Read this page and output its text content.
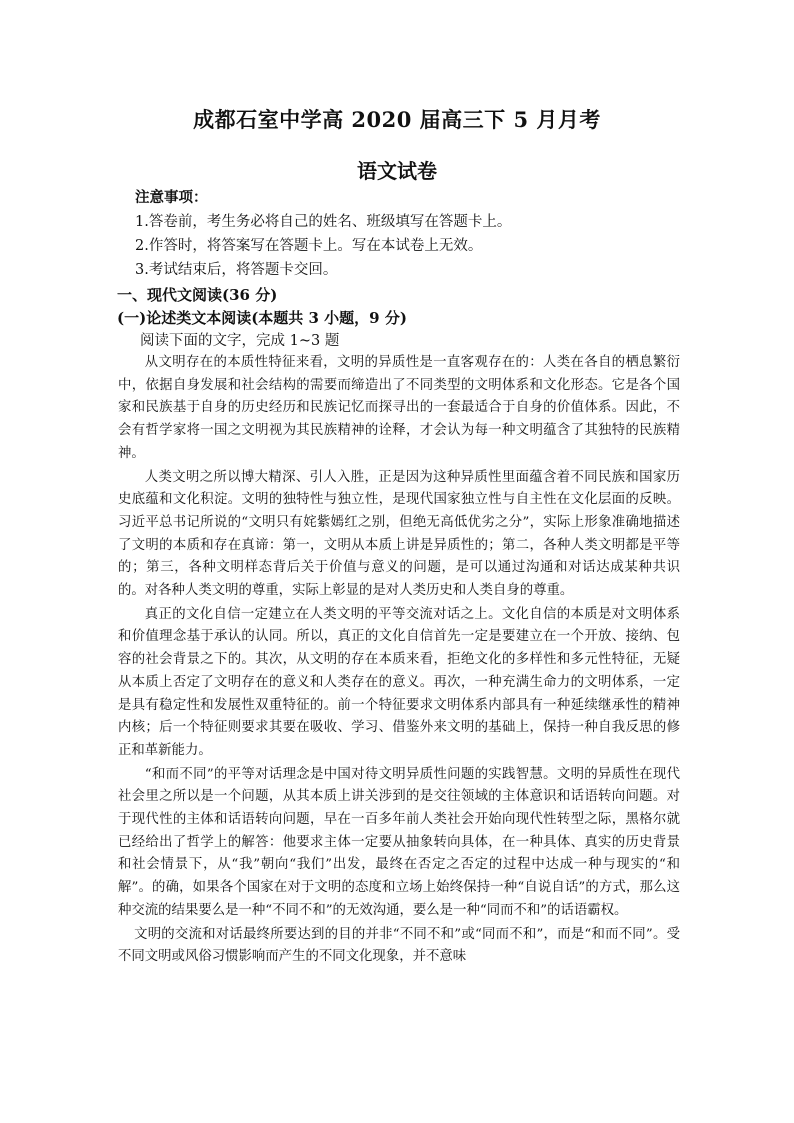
成都石室中学高 2020 届高三下 5 月月考
语文试卷
注意事项：
1.答卷前，考生务必将自己的姓名、班级填写在答题卡上。
2.作答时，将答案写在答题卡上。写在本试卷上无效。
3.考试结束后，将答题卡交回。
一、现代文阅读(36 分)
(一)论述类文本阅读(本题共 3 小题，9 分)
阅读下面的文字，完成 1~3 题

从文明存在的本质性特征来看，文明的异质性是一直客观存在的：人类在各自的栖息繁衍中，依据自身发展和社会结构的需要而缔造出了不同类型的文明体系和文化形态。它是各个国家和民族基于自身的历史经历和民族记忆而探寻出的一套最适合于自身的价值体系。因此，不会有哲学家将一国之文明视为其民族精神的诠释，才会认为每一种文明蕴含了其独特的民族精神。

人类文明之所以博大精深、引人入胜，正是因为这种异质性里面蕴含着不同民族和国家历史底蕴和文化积淀。文明的独特性与独立性，是现代国家独立性与自主性在文化层面的反映。习近平总书记所说的“文明只有姹紫嫣红之别，但绝无高低优劣之分”，实际上形象准确地描述了文明的本质和存在真谛：第一，文明从本质上讲是异质性的；第二，各种人类文明都是平等的；第三，各种文明样态背后关于价值与意义的问题，是可以通过沟通和对话达成某种共识的。对各种人类文明的尊重，实际上彰显的是对人类历史和人类自身的尊重。

真正的文化自信一定建立在人类文明的平等交流对话之上。文化自信的本质是对文明体系和价值理念基于承认的认同。所以，真正的文化自信首先一定是要建立在一个开放、接纳、包容的社会背景之下的。其次，从文明的存在本质来看，拒绝文化的多样性和多元性特征，无疑从本质上否定了文明存在的意义和人类存在的意义。再次，一种充满生命力的文明体系，一定是具有稳定性和发展性双重特征的。前一个特征要求文明体系内部具有一种延续继承性的精神内核；后一个特征则要求其要在吸收、学习、借鉴外来文明的基础上，保持一种自我反思的修正和革新能力。

“和而不同”的平等对话理念是中国对待文明异质性问题的实践智慧。文明的异质性在现代社会里之所以是一个问题，从其本质上讲关涉到的是交往领域的主体意识和话语转向问题。对于现代性的主体和话语转向问题，早在一百多年前人类社会开始向现代性转型之际，黑格尔就已经给出了哲学上的解答：他要求主体一定要从抽象转向具体，在一种具体、真实的历史背景和社会情景下，从“我”朝向“我们”出发，最终在否定之否定的过程中达成一种与现实的“和解”。的确，如果各个国家在对于文明的态度和立场上始终保持一种“自说自话”的方式，那么这种交流的结果要么是一种“不同不和”的无效沟通，要么是一种“同而不和”的话语霸权。

文明的交流和对话最终所要达到的目的并非“不同不和”或“同而不和”，而是“和而不同”。受不同文明或风俗习惯影响而产生的不同文化现象，并不意味
